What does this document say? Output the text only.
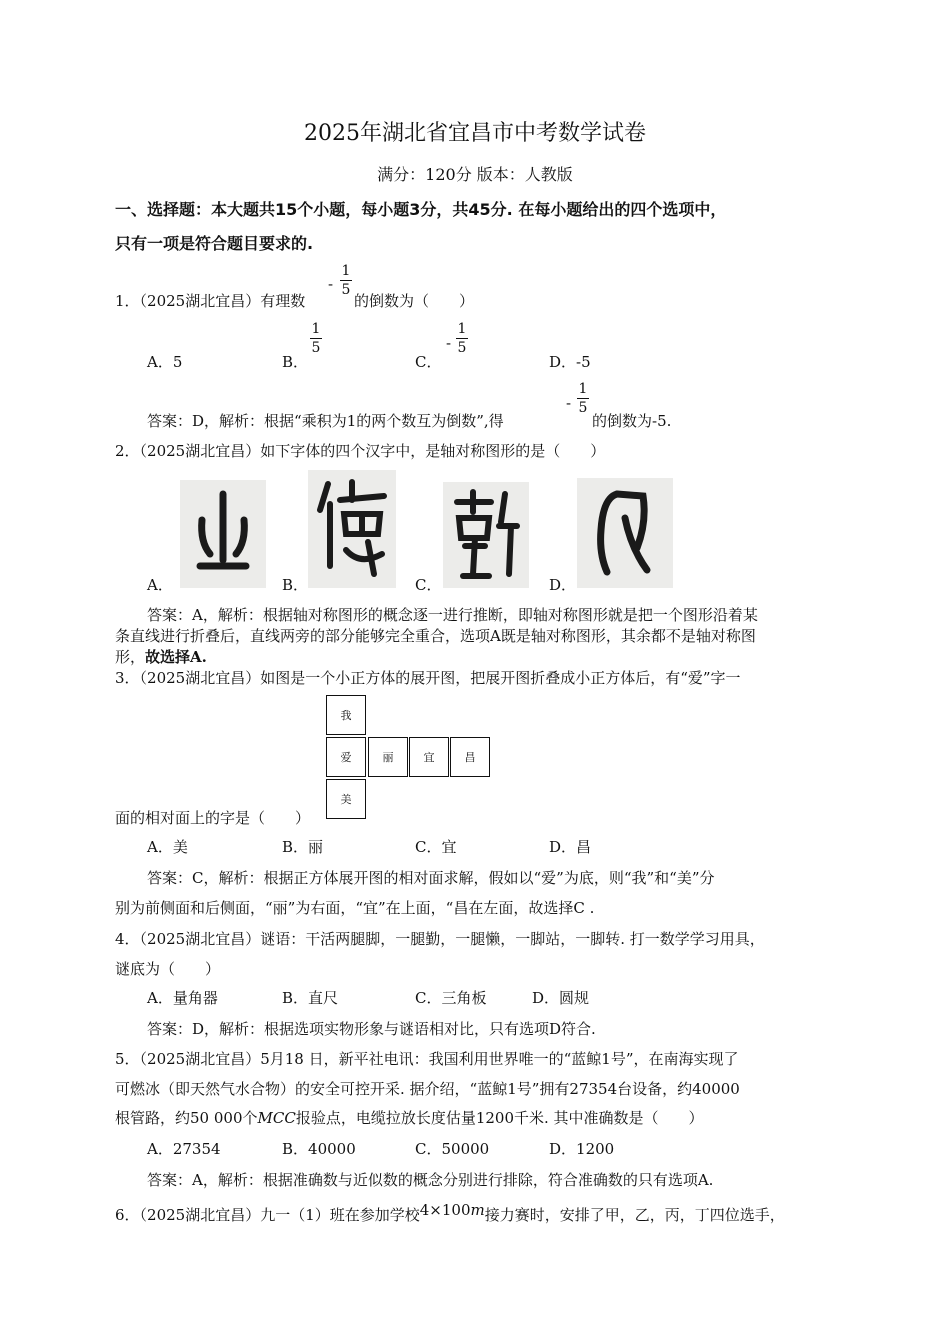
2025年湖北省宜昌市中考数学试卷
满分：120分 版本：人教版
一、选择题：本大题共15个小题，每小题3分，共45分. 在每小题给出的四个选项中，
只有一项是符合题目要求的.
1．（2025湖北宜昌）有理数
-
1
5
的倒数为（　　）
A．5	B．
1
5
C．
-
1
5
D．-5
答案：D，解析：根据“乘积为1的两个数互为倒数”,得
-
1
5
的倒数为-5.
2．（2025湖北宜昌）如下字体的四个汉字中，是轴对称图形的是（　　）
A．	B．	C．	D．
答案：A，解析：根据轴对称图形的概念逐一进行推断，即轴对称图形就是把一个图形沿着某
条直线进行折叠后，直线两旁的部分能够完全重合，选项A既是轴对称图形，其余都不是轴对称图
形，故选择A.
3．（2025湖北宜昌）如图是一个小正方体的展开图，把展开图折叠成小正方体后，有“爱”字一
我
爱	丽	宜	昌
美
面的相对面上的字是（　　）
A．美	B．丽	C．宜	D．昌
答案：C，解析：根据正方体展开图的相对面求解，假如以“爱”为底，则“我”和“美”分
别为前侧面和后侧面，“丽”为右面，“宜”在上面，“昌在左面，故选择C .
4．（2025湖北宜昌）谜语：干活两腿脚，一腿勤，一腿懒，一脚站，一脚转. 打一数学学习用具，
谜底为（　　）
A．量角器	B．直尺	C．三角板	D．圆规
答案：D，解析：根据选项实物形象与谜语相对比，只有选项D符合.
5．（2025湖北宜昌）5月18 日，新平社电讯：我国利用世界唯一的“蓝鲸1号”，在南海实现了
可燃冰（即天然气水合物）的安全可控开采. 据介绍，“蓝鲸1号”拥有27354台设备，约40000
根管路，约50 000个MCC报验点，电缆拉放长度估量1200千米. 其中准确数是（　　）
A．27354	B．40000	C．50000	D．1200
答案：A，解析：根据准确数与近似数的概念分别进行排除，符合准确数的只有选项A.
6．（2025湖北宜昌）九一（1）班在参加学校4×100m接力赛时，安排了甲，乙，丙，丁四位选手，
